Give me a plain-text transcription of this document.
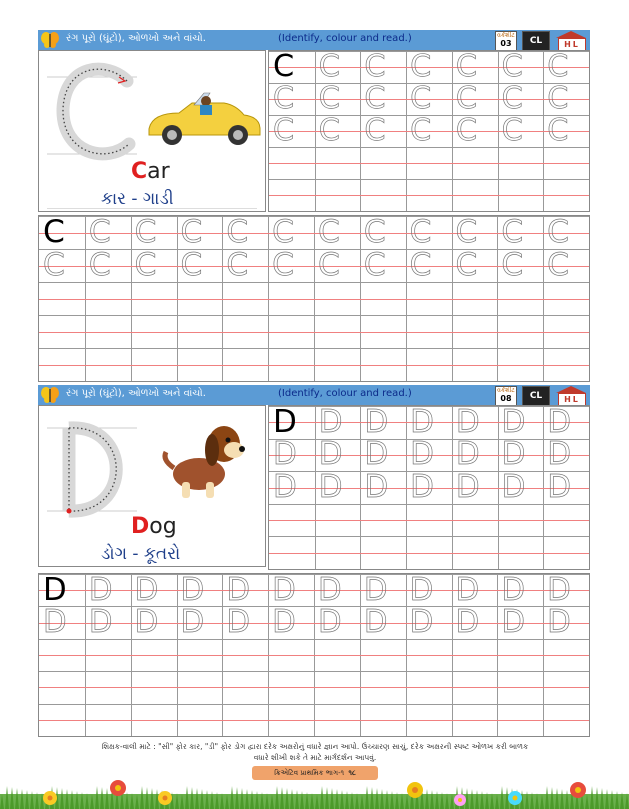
રંગ પૂરો (ઘૂંટો), ઓળખો અને વાંચો.	(Identify, colour and read.)	વર્કશીટ
03	CL	HL
Car
કાર - ગાડી
C C C C C C C
C C C C C C C
C C C C C C C
C C C C C C C C C C C C
C C C C C C C C C C C C
રંગ પૂરો (ઘૂંટો), ઓળખો અને વાંચો.	(Identify, colour and read.)	વર્કશીટ
08	CL	HL
Dog
ડોગ - કૂતરો
D D D D D D D
D D D D D D D
D D D D D D D
D D D D D D D D D D D D
D D D D D D D D D D D D
શિક્ષક-વાલી માટે : "સી" ફોર કાર, "ડી" ફોર ડોગ દ્વારા દરેક અક્ષરોનું વધારે જ્ઞાન આપો. ઉચ્ચારણ સાચું, દરેક અક્ષરની સ્પષ્ટ ઓળખ કરી બાળક
વધારે શીખી શકે તે માટે માર્ગદર્શન આપવું.
ક્રિએટિવ પ્રાથમિક ભાગ-૧ ૧૮
